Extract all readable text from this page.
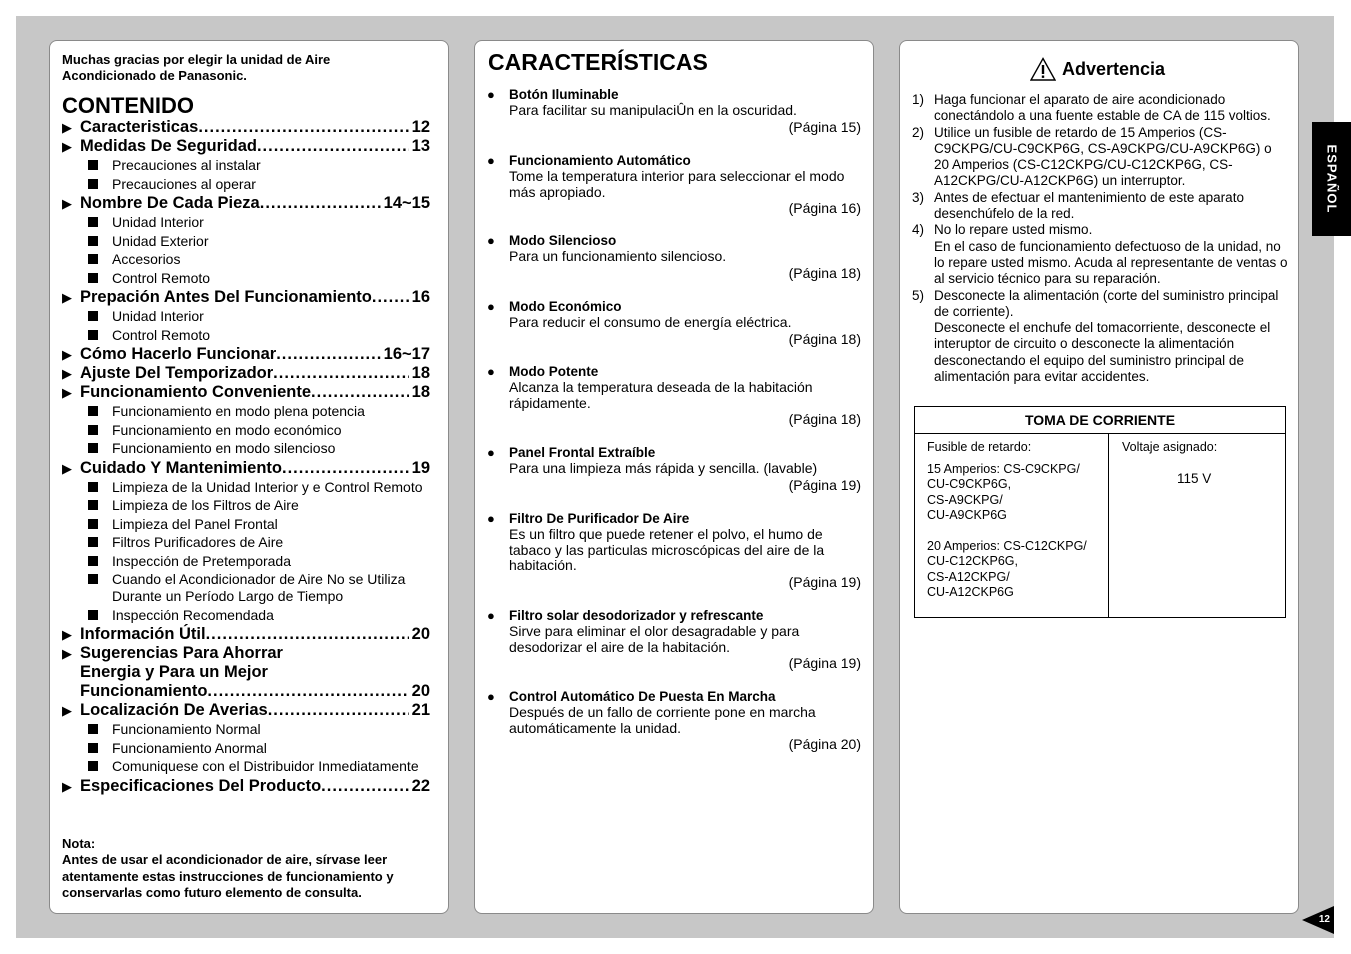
Muchas gracias por elegir la unidad de Aire Acondicionado de Panasonic.
CONTENIDO
▶ Caracteristicas .....	12
▶ Medidas De Seguridad .....	13
Precauciones al instalar
Precauciones al operar
▶ Nombre De Cada Pieza .....	14~15
Unidad Interior
Unidad Exterior
Accesorios
Control Remoto
▶ Prepación Antes Del Funcionamiento ..... 16
Unidad Interior
Control Remoto
▶ Cómo Hacerlo Funcionar .....	16~17
▶ Ajuste Del Temporizador .....	18
▶ Funcionamiento Conveniente .....	18
Funcionamiento en modo plena potencia
Funcionamiento en modo económico
Funcionamiento en modo silencioso
▶ Cuidado Y Mantenimiento .....	19
Limpieza de la Unidad Interior y e Control Remoto
Limpieza de los Filtros de Aire
Limpieza del Panel Frontal
Filtros Purificadores de Aire
Inspección de Pretemporada
Cuando el Acondicionador de Aire No se Utiliza Durante un Período Largo de Tiempo
Inspección Recomendada
▶ Información Útil .....	20
▶ Sugerencias Para Ahorrar
Energia y Para un Mejor
Funcionamiento .....	20
▶ Localización De Averias .....	21
Funcionamiento Normal
Funcionamiento Anormal
Comuniquese con el Distribuidor Inmediatamente
▶ Especificaciones Del Producto .....	22
Nota:
Antes de usar el acondicionador de aire, sírvase leer atentamente estas instrucciones de funcionamiento y conservarlas como futuro elemento de consulta.
CARACTERÍSTICAS
●	Botón Iluminable
Para facilitar su manipulaciÛn en la oscuridad.
(Página 15)
●	Funcionamiento Automático
Tome la temperatura interior para seleccionar el modo más apropiado.
(Página 16)
●	Modo Silencioso
Para un funcionamiento silencioso.
(Página 18)
●	Modo Económico
Para reducir el consumo de energía eléctrica.
(Página 18)
●	Modo Potente
Alcanza la temperatura deseada de la habitación rápidamente.
(Página 18)
●	Panel Frontal Extraíble
Para una limpieza más rápida y sencilla. (lavable)
(Página 19)
●	Filtro De Purificador De Aire
Es un filtro que puede retener el polvo, el humo de tabaco y las particulas microscópicas del aire de la habitación.
(Página 19)
●	Filtro solar desodorizador y refrescante
Sirve para eliminar el olor desagradable y para desodorizar el aire de la habitación.
(Página 19)
●	Control Automático De Puesta En Marcha
Después de un fallo de corriente pone en marcha automáticamente la unidad.
(Página 20)
Advertencia
1) Haga funcionar el aparato de aire acondicionado conectándolo a una fuente estable de CA de 115 voltios.
2) Utilice un fusible de retardo de 15 Amperios (CS-C9CKPG/CU-C9CKP6G, CS-A9CKPG/CU-A9CKP6G) o 20 Amperios (CS-C12CKPG/CU-C12CKP6G, CS-A12CKPG/CU-A12CKP6G) un interruptor.
3) Antes de efectuar el mantenimiento de este aparato desenchúfelo de la red.
4) No lo repare usted mismo.
En el caso de funcionamiento defectuoso de la unidad, no lo repare usted mismo. Acuda al representante de ventas o al servicio técnico para su reparación.
5) Desconecte la alimentación (corte del suministro principal de corriente).
Desconecte el enchufe del tomacorriente, desconecte el interuptor de circuito o desconecte la alimentación desconectando el equipo del suministro principal de alimentación para evitar accidentes.
TOMA DE CORRIENTE
Fusible de retardo:
15 Amperios: CS-C9CKPG/
CU-C9CKP6G,
CS-A9CKPG/
CU-A9CKP6G
20 Amperios: CS-C12CKPG/
CU-C12CKP6G,
CS-A12CKPG/
CU-A12CKP6G
Voltaje asignado:
115 V
ESPAÑOL
12
